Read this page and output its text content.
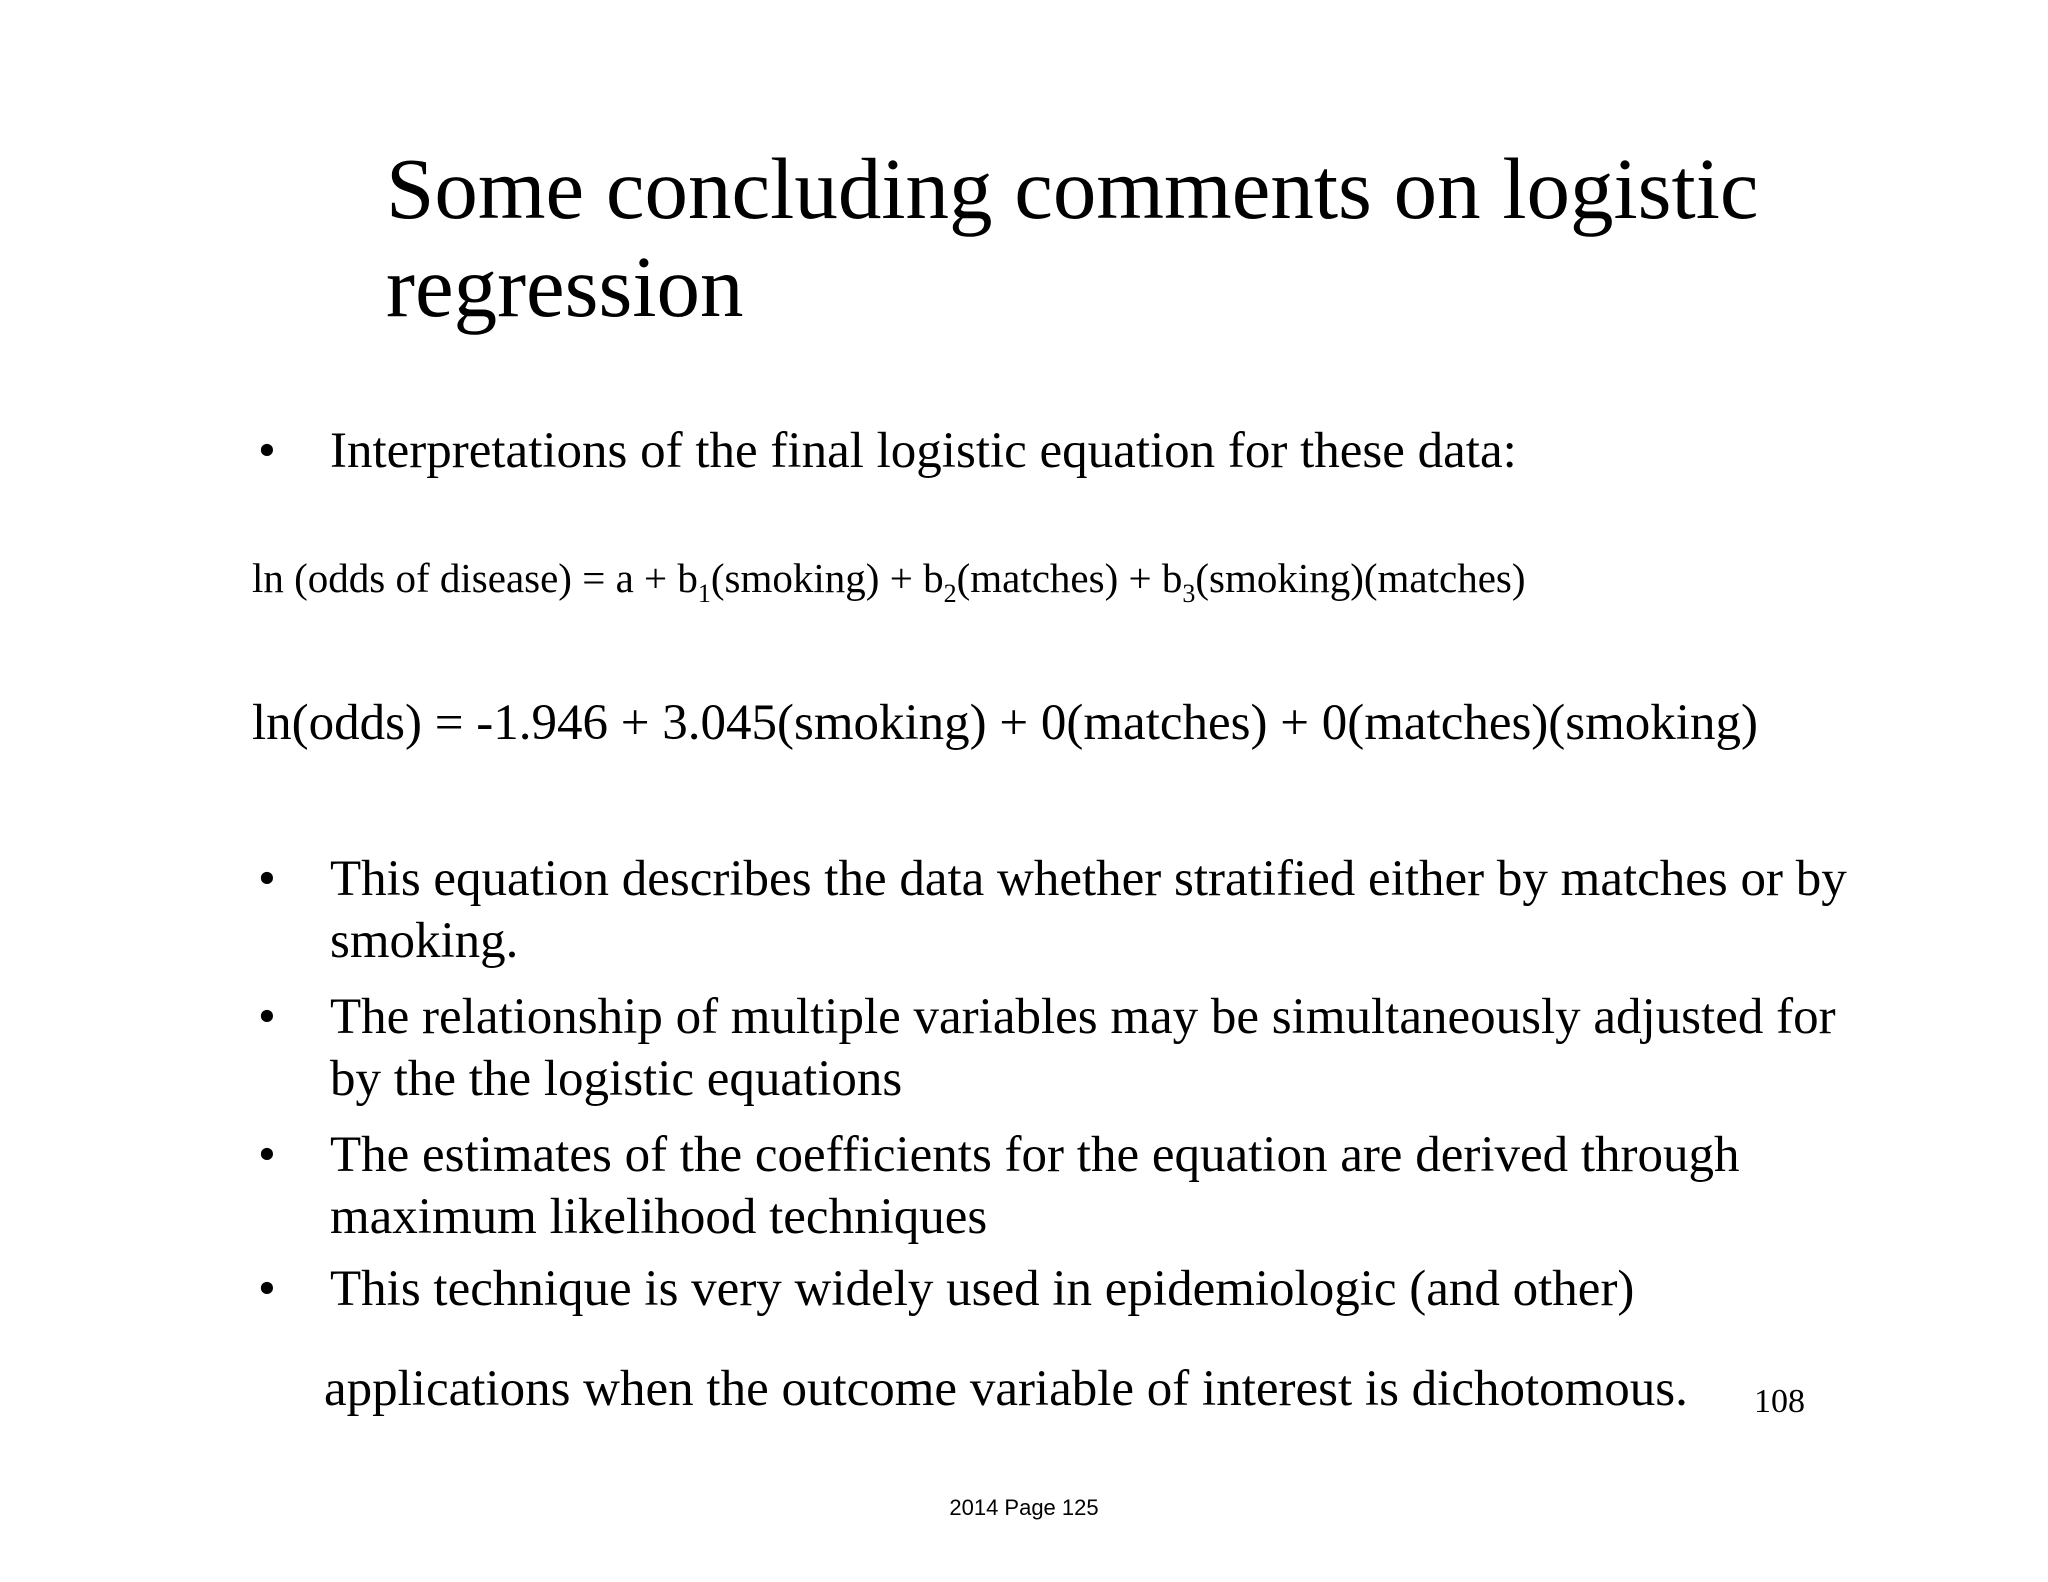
Some concluding comments on logistic regression
•	Interpretations of the final logistic equation for these data:
ln (odds of disease) = $a + b_1(smoking)$ + $b_2(matches)$ + $b_3(smoking)(matches)$
ln(odds) = -1.946 + 3.045(smoking) + 0(matches) + 0(matches)(smoking)
•	This equation describes the data whether stratified either by matches or by smoking.
•	The relationship of multiple variables may be simultaneously adjusted for by the the logistic equations
•	The estimates of the coefficients for the equation are derived through maximum likelihood techniques
•	This technique is very widely used in epidemiologic (and other)
applications when the outcome variable of interest is dichotomous. 108
2014 Page 125
